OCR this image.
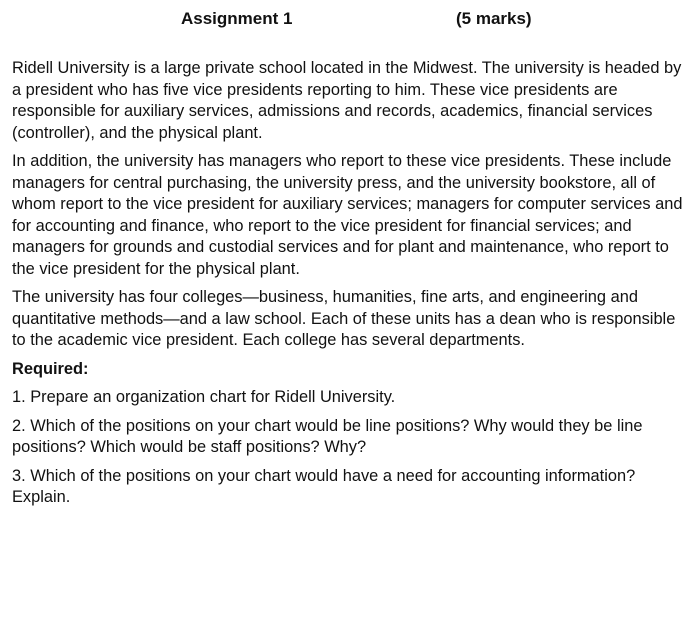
Assignment 1	(5 marks)

Ridell University is a large private school located in the Midwest. The university is headed by a president who has five vice presidents reporting to him. These vice presidents are responsible for auxiliary services, admissions and records, academics, financial services (controller), and the physical plant.

In addition, the university has managers who report to these vice presidents. These include managers for central purchasing, the university press, and the university bookstore, all of whom report to the vice president for auxiliary services; managers for computer services and for accounting and finance, who report to the vice president for financial services; and managers for grounds and custodial services and for plant and maintenance, who report to the vice president for the physical plant.

The university has four colleges—business, humanities, fine arts, and engineering and quantitative methods—and a law school. Each of these units has a dean who is responsible to the academic vice president. Each college has several departments.

Required:

1. Prepare an organization chart for Ridell University.

2. Which of the positions on your chart would be line positions? Why would they be line positions? Which would be staff positions? Why?

3. Which of the positions on your chart would have a need for accounting information? Explain.
